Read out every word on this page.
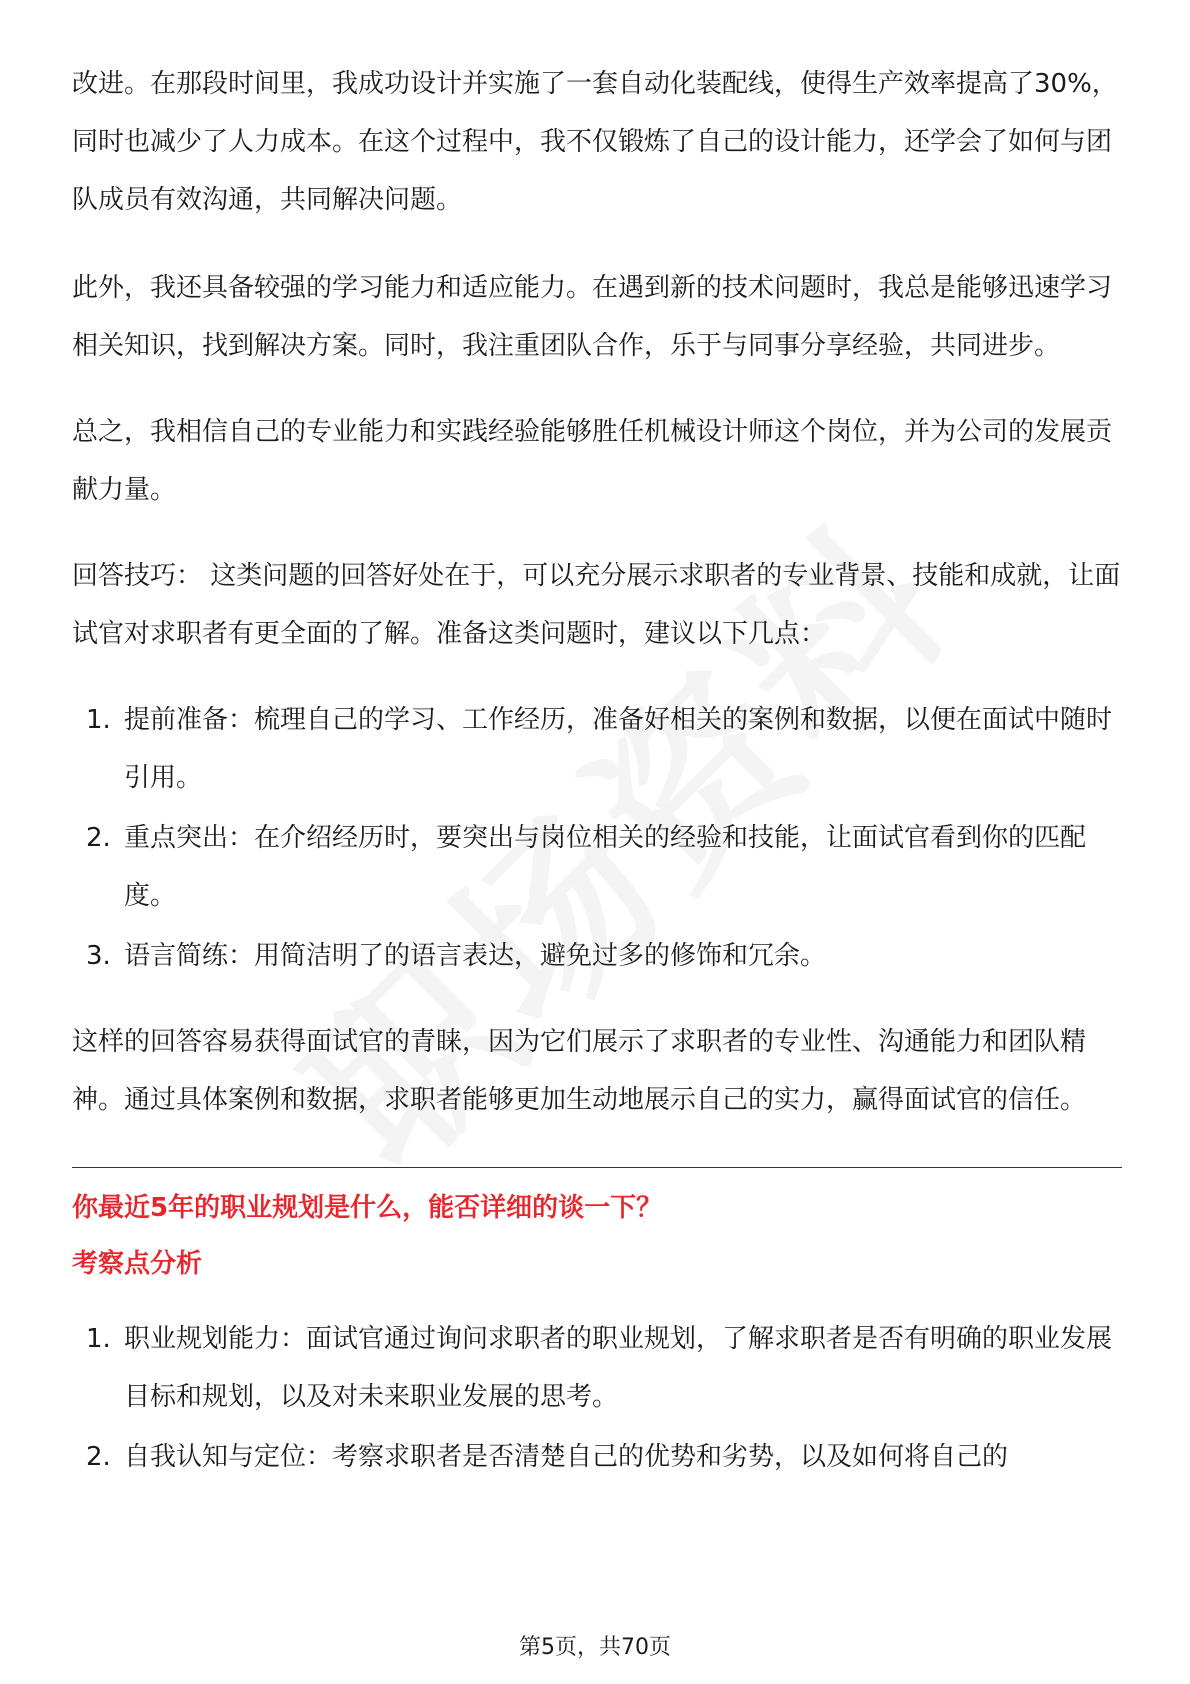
改进。在那段时间里，我成功设计并实施了一套自动化装配线，使得生产效率提高了30%，同时也减少了人力成本。在这个过程中，我不仅锻炼了自己的设计能力，还学会了如何与团队成员有效沟通，共同解决问题。

此外，我还具备较强的学习能力和适应能力。在遇到新的技术问题时，我总是能够迅速学习相关知识，找到解决方案。同时，我注重团队合作，乐于与同事分享经验，共同进步。

总之，我相信自己的专业能力和实践经验能够胜任机械设计师这个岗位，并为公司的发展贡献力量。

回答技巧： 这类问题的回答好处在于，可以充分展示求职者的专业背景、技能和成就，让面试官对求职者有更全面的了解。准备这类问题时，建议以下几点：

1. 提前准备：梳理自己的学习、工作经历，准备好相关的案例和数据，以便在面试中随时引用。
2. 重点突出：在介绍经历时，要突出与岗位相关的经验和技能，让面试官看到你的匹配度。
3. 语言简练：用简洁明了的语言表达，避免过多的修饰和冗余。

这样的回答容易获得面试官的青睐，因为它们展示了求职者的专业性、沟通能力和团队精神。通过具体案例和数据，求职者能够更加生动地展示自己的实力，赢得面试官的信任。

你最近5年的职业规划是什么，能否详细的谈一下？

考察点分析

1. 职业规划能力：面试官通过询问求职者的职业规划，了解求职者是否有明确的职业发展目标和规划，以及对未来职业发展的思考。
2. 自我认知与定位：考察求职者是否清楚自己的优势和劣势，以及如何将自己的
第5页，共70页
